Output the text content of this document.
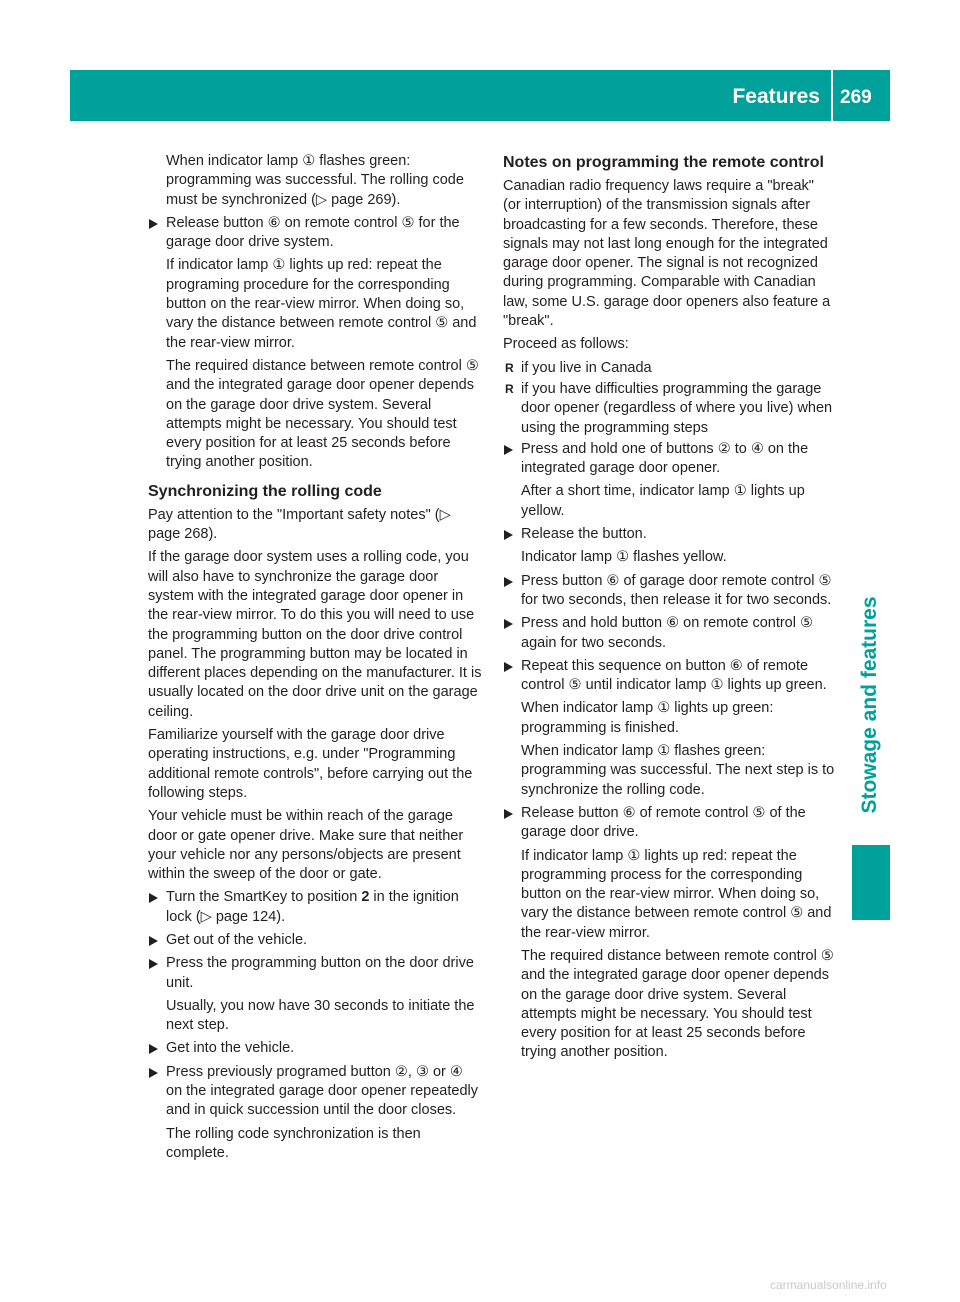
Features 269
Stowage and features

When indicator lamp ① flashes green: programming was successful. The rolling code must be synchronized (▷ page 269).

Release button ⑥ on remote control ⑤ for the garage door drive system.

If indicator lamp ① lights up red: repeat the programing procedure for the corresponding button on the rear-view mirror. When doing so, vary the distance between remote control ⑤ and the rear-view mirror.

The required distance between remote control ⑤ and the integrated garage door opener depends on the garage door drive system. Several attempts might be necessary. You should test every position for at least 25 seconds before trying another position.

Synchronizing the rolling code

Pay attention to the "Important safety notes" (▷ page 268).

If the garage door system uses a rolling code, you will also have to synchronize the garage door system with the integrated garage door opener in the rear-view mirror. To do this you will need to use the programming button on the door drive control panel. The programming button may be located in different places depending on the manufacturer. It is usually located on the door drive unit on the garage ceiling.

Familiarize yourself with the garage door drive operating instructions, e.g. under "Programming additional remote controls", before carrying out the following steps.

Your vehicle must be within reach of the garage door or gate opener drive. Make sure that neither your vehicle nor any persons/objects are present within the sweep of the door or gate.

Turn the SmartKey to position 2 in the ignition lock (▷ page 124).

Get out of the vehicle.

Press the programming button on the door drive unit.

Usually, you now have 30 seconds to initiate the next step.

Get into the vehicle.

Press previously programed button ②, ③ or ④ on the integrated garage door opener repeatedly and in quick succession until the door closes.

The rolling code synchronization is then complete.

Notes on programming the remote control

Canadian radio frequency laws require a "break" (or interruption) of the transmission signals after broadcasting for a few seconds. Therefore, these signals may not last long enough for the integrated garage door opener. The signal is not recognized during programming. Comparable with Canadian law, some U.S. garage door openers also feature a "break".

Proceed as follows:

R if you live in Canada
R if you have difficulties programming the garage door opener (regardless of where you live) when using the programming steps

Press and hold one of buttons ② to ④ on the integrated garage door opener.

After a short time, indicator lamp ① lights up yellow.

Release the button.

Indicator lamp ① flashes yellow.

Press button ⑥ of garage door remote control ⑤ for two seconds, then release it for two seconds.

Press and hold button ⑥ on remote control ⑤ again for two seconds.

Repeat this sequence on button ⑥ of remote control ⑤ until indicator lamp ① lights up green.

When indicator lamp ① lights up green: programming is finished.

When indicator lamp ① flashes green: programming was successful. The next step is to synchronize the rolling code.

Release button ⑥ of remote control ⑤ of the garage door drive.

If indicator lamp ① lights up red: repeat the programming process for the corresponding button on the rear-view mirror. When doing so, vary the distance between remote control ⑤ and the rear-view mirror.

The required distance between remote control ⑤ and the integrated garage door opener depends on the garage door drive system. Several attempts might be necessary. You should test every position for at least 25 seconds before trying another position.

carmanualsonline.info
